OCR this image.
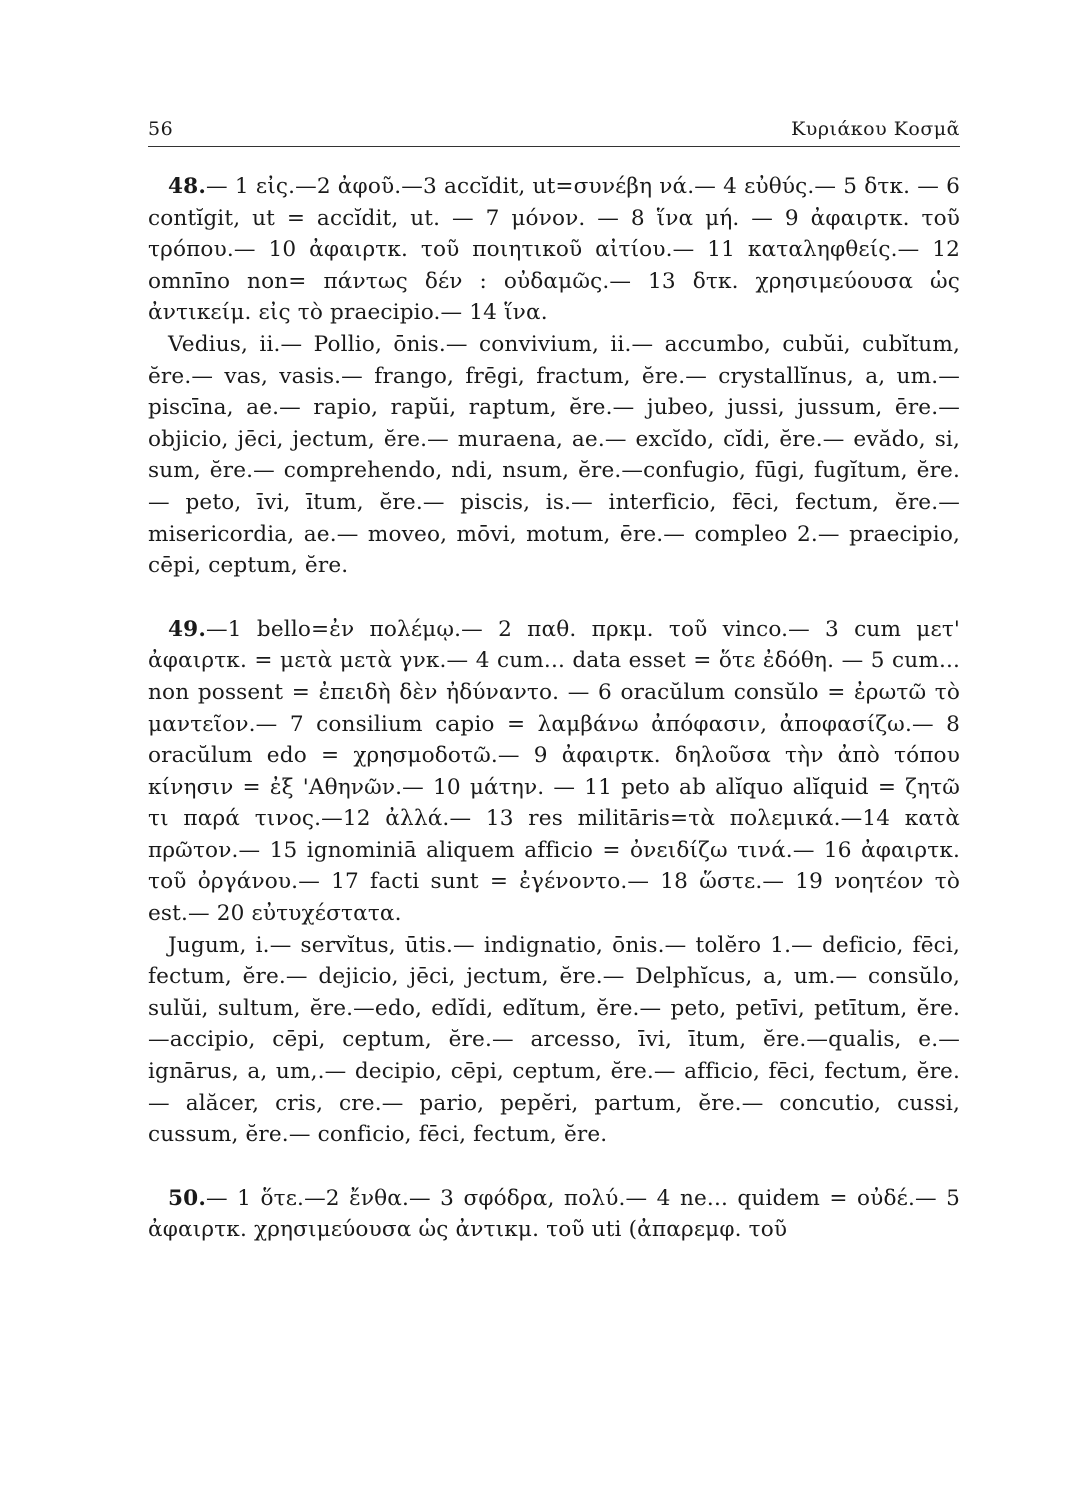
56	Κυριάκου Κοσμᾶ

48.— 1 εἰς.—2 ἀφοῦ.—3 accĭdit, ut=συνέβη νά.— 4 εὐθύς.— 5 δτκ. — 6 contĭgit, ut = accĭdit, ut. — 7 μόνον. — 8 ἵνα μή. — 9 ἀφαιρτκ. τοῦ τρόπου.— 10 ἀφαιρτκ. τοῦ ποιητικοῦ αἰτίου.— 11 καταληφθείς.— 12 omnīno non= πάντως δέν : οὐδαμῶς.— 13 δτκ. χρησιμεύουσα ὡς ἀντικείμ. εἰς τὸ praecipio.— 14 ἵνα.

Vedius, ii.— Pollio, ōnis.— convivium, ii.— accumbo, cubŭi, cubĭtum, ĕre.— vas, vasis.— frango, frēgi, fractum, ĕre.— crystallĭnus, a, um.— piscīna, ae.— rapio, rapŭi, raptum, ĕre.— jubeo, jussi, jussum, ēre.— objicio, jēci, jectum, ĕre.— muraena, ae.— excĭdo, cĭdi, ĕre.— evădo, si, sum, ĕre.— comprehendo, ndi, nsum, ĕre.—confugio, fūgi, fugĭtum, ĕre.— peto, īvi, ītum, ĕre.— piscis, is.— interficio, fēci, fectum, ĕre.— misericordia, ae.— moveo, mōvi, motum, ēre.— compleo 2.— praecipio, cēpi, ceptum, ĕre.

49.—1 bello=ἐν πολέμῳ.— 2 παθ. πρκμ. τοῦ vinco.— 3 cum μετ' ἀφαιρτκ. = μετὰ μετὰ γνκ.— 4 cum... data esset = ὅτε ἐδόθη. — 5 cum... non possent = ἐπειδὴ δὲν ἠδύναντο. — 6 oracŭlum consŭlo = ἐρωτῶ τὸ μαντεῖον.— 7 consilium capio = λαμβάνω ἀπόφασιν, ἀποφασίζω.— 8 oracŭlum edo = χρησμοδοτῶ.— 9 ἀφαιρτκ. δηλοῦσα τὴν ἀπὸ τόπου κίνησιν = ἐξ 'Αθηνῶν.— 10 μάτην. — 11 peto ab alĭquo alĭquid = ζητῶ τι παρά τινος.—12 ἀλλά.— 13 res militāris=τὰ πολεμικά.—14 κατὰ πρῶτον.— 15 ignominiā aliquem afficio = ὀνειδίζω τινά.— 16 ἀφαιρτκ. τοῦ ὀργάνου.— 17 facti sunt = ἐγένοντο.— 18 ὥστε.— 19 νοητέον τὸ est.— 20 εὐτυχέστατα.

Jugum, i.— servĭtus, ūtis.— indignatio, ōnis.— tolĕro 1.— deficio, fēci, fectum, ĕre.— dejicio, jēci, jectum, ĕre.— Delphĭcus, a, um.— consŭlo, sulŭi, sultum, ĕre.—edo, edĭdi, edĭtum, ĕre.— peto, petīvi, petītum, ĕre.—accipio, cēpi, ceptum, ĕre.— arcesso, īvi, ītum, ĕre.—qualis, e.— ignārus, a, um,.— decipio, cēpi, ceptum, ĕre.— afficio, fēci, fectum, ĕre.— alăcer, cris, cre.— pario, pepĕri, partum, ĕre.— concutio, cussi, cussum, ĕre.— conficio, fēci, fectum, ĕre.

50.— 1 ὅτε.—2 ἔνθα.— 3 σφόδρα, πολύ.— 4 ne... quidem = οὐδέ.— 5 ἀφαιρτκ. χρησιμεύουσα ὡς ἀντικμ. τοῦ uti (ἀπαρεμφ. τοῦ
